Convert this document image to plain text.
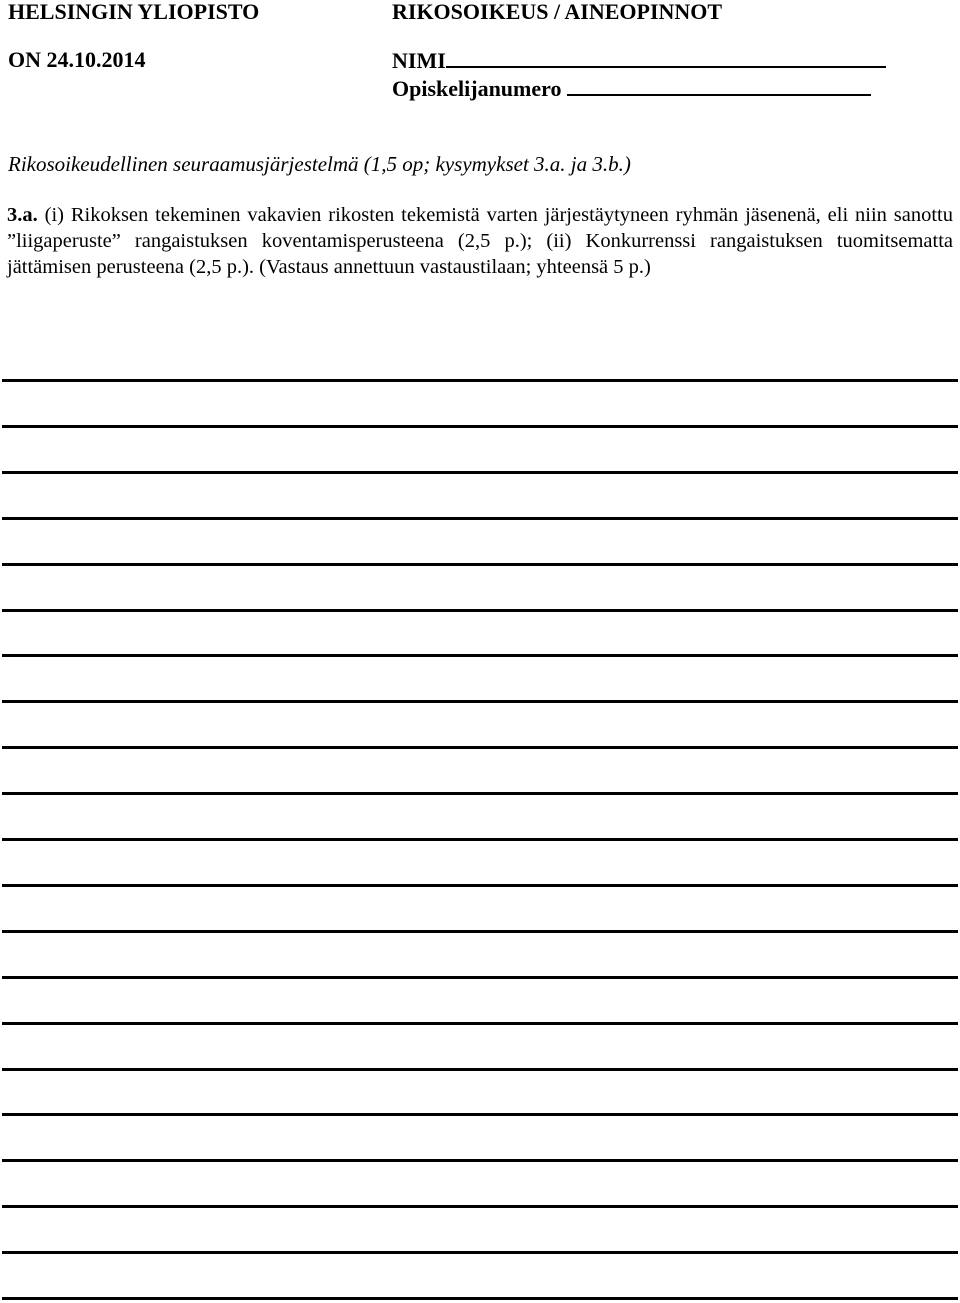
HELSINGIN YLIOPISTO	RIKOSOIKEUS / AINEOPINNOT
ON 24.10.2014	NIMI
Opiskelijanumero
Rikosoikeudellinen seuraamusjärjestelmä (1,5 op; kysymykset 3.a. ja 3.b.)
3.a. (i) Rikoksen tekeminen vakavien rikosten tekemistä varten järjestäytyneen ryhmän jäsenenä, eli niin sanottu ”liigaperuste” rangaistuksen koventamisperusteena (2,5 p.); (ii) Konkurrenssi rangaistuksen tuomitsematta jättämisen perusteena (2,5 p.). (Vastaus annettuun vastaustilaan; yhteensä 5 p.)
